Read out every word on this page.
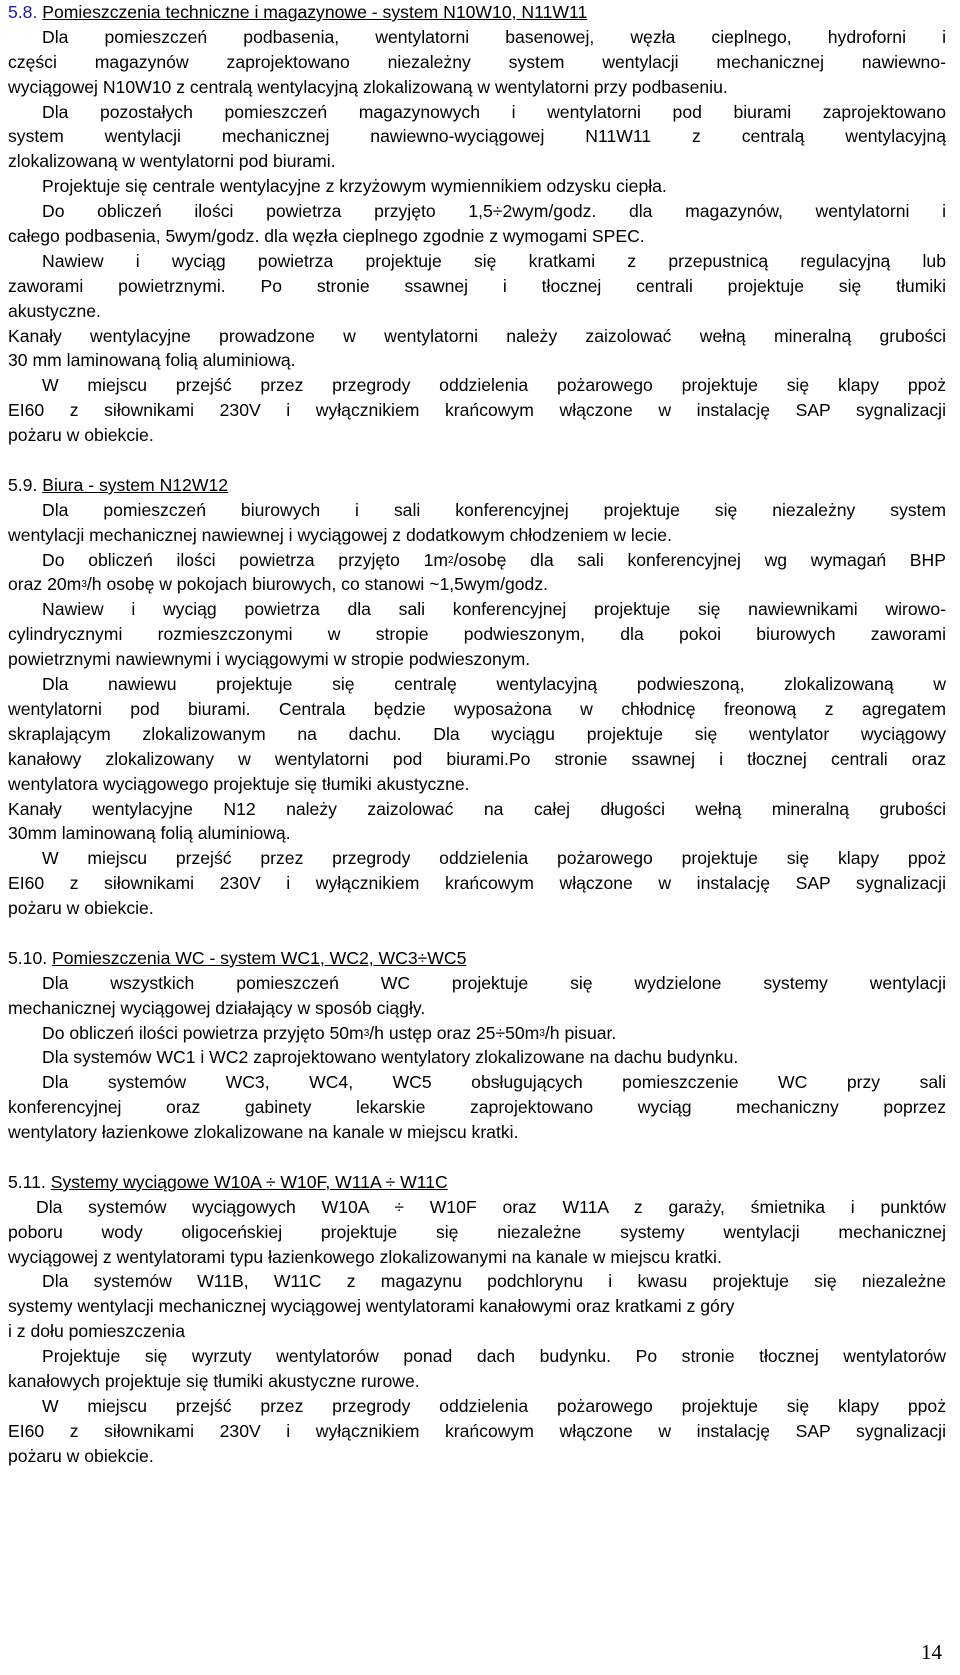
5.8. Pomieszczenia techniczne i magazynowe - system N10W10, N11W11
Dla pomieszczeń podbasenia, wentylatorni basenowej, węzła cieplnego, hydroforni i
części magazynów zaprojektowano niezależny system wentylacji mechanicznej nawiewno-
wyciągowej N10W10 z centralą wentylacyjną zlokalizowaną w wentylatorni przy podbaseniu.
Dla pozostałych pomieszczeń magazynowych i wentylatorni pod biurami zaprojektowano
system wentylacji mechanicznej nawiewno-wyciągowej N11W11 z centralą wentylacyjną
zlokalizowaną w wentylatorni pod biurami.
Projektuje się centrale wentylacyjne z krzyżowym wymiennikiem odzysku ciepła.
Do obliczeń ilości powietrza przyjęto 1,5÷2wym/godz. dla magazynów, wentylatorni i
całego podbasenia, 5wym/godz. dla węzła cieplnego zgodnie z wymogami SPEC.
Nawiew i wyciąg powietrza projektuje się kratkami z przepustnicą regulacyjną lub
zaworami powietrznymi. Po stronie ssawnej i tłocznej centrali projektuje się tłumiki
akustyczne.
Kanały wentylacyjne prowadzone w wentylatorni należy zaizolować wełną mineralną grubości
30 mm laminowaną folią aluminiową.
W miejscu przejść przez przegrody oddzielenia pożarowego projektuje się klapy ppoż
EI60 z siłownikami 230V i wyłącznikiem krańcowym włączone w instalację SAP sygnalizacji
pożaru w obiekcie.
5.9. Biura - system N12W12
Dla pomieszczeń biurowych i sali konferencyjnej projektuje się niezależny system
wentylacji mechanicznej nawiewnej i wyciągowej z dodatkowym chłodzeniem w lecie.
Do obliczeń ilości powietrza przyjęto $1m^2$/osobę dla sali konferencyjnej wg wymagań BHP
oraz $20m^3/h$ osobę w pokojach biurowych, co stanowi ~1,5wym/godz.
Nawiew i wyciąg powietrza dla sali konferencyjnej projektuje się nawiewnikami wirowo-
cylindrycznymi rozmieszczonymi w stropie podwieszonym, dla pokoi biurowych zaworami
powietrznymi nawiewnymi i wyciągowymi w stropie podwieszonym.
Dla nawiewu projektuje się centralę wentylacyjną podwieszoną, zlokalizowaną w
wentylatorni pod biurami. Centrala będzie wyposażona w chłodnicę freonową z agregatem
skraplającym zlokalizowanym na dachu. Dla wyciągu projektuje się wentylator wyciągowy
kanałowy zlokalizowany w wentylatorni pod biurami.Po stronie ssawnej i tłocznej centrali oraz
wentylatora wyciągowego projektuje się tłumiki akustyczne.
Kanały wentylacyjne N12 należy zaizolować na całej długości wełną mineralną grubości
30mm laminowaną folią aluminiową.
W miejscu przejść przez przegrody oddzielenia pożarowego projektuje się klapy ppoż
EI60 z siłownikami 230V i wyłącznikiem krańcowym włączone w instalację SAP sygnalizacji
pożaru w obiekcie.
5.10. Pomieszczenia WC - system WC1, WC2, WC3÷WC5
Dla wszystkich pomieszczeń WC projektuje się wydzielone systemy wentylacji
mechanicznej wyciągowej działający w sposób ciągły.
Do obliczeń ilości powietrza przyjęto $50m^3/h$ ustęp oraz $25\div 50m^3/h$ pisuar.
Dla systemów WC1 i WC2 zaprojektowano wentylatory zlokalizowane na dachu budynku.
Dla systemów WC3, WC4, WC5 obsługujących pomieszczenie WC przy sali
konferencyjnej oraz gabinety lekarskie zaprojektowano wyciąg mechaniczny poprzez
wentylatory łazienkowe zlokalizowane na kanale w miejscu kratki.
5.11. Systemy wyciągowe W10A ÷ W10F, W11A ÷ W11C
Dla systemów wyciągowych W10A ÷ W10F oraz W11A z garaży, śmietnika i punktów
poboru wody oligoceńskiej projektuje się niezależne systemy wentylacji mechanicznej
wyciągowej z wentylatorami typu łazienkowego zlokalizowanymi na kanale w miejscu kratki.
Dla systemów W11B, W11C z magazynu podchlorynu i kwasu projektuje się niezależne
systemy wentylacji mechanicznej wyciągowej wentylatorami kanałowymi oraz kratkami z góry
i z dołu pomieszczenia
Projektuje się wyrzuty wentylatorów ponad dach budynku. Po stronie tłocznej wentylatorów
kanałowych projektuje się tłumiki akustyczne rurowe.
W miejscu przejść przez przegrody oddzielenia pożarowego projektuje się klapy ppoż
EI60 z siłownikami 230V i wyłącznikiem krańcowym włączone w instalację SAP sygnalizacji
pożaru w obiekcie.
14
